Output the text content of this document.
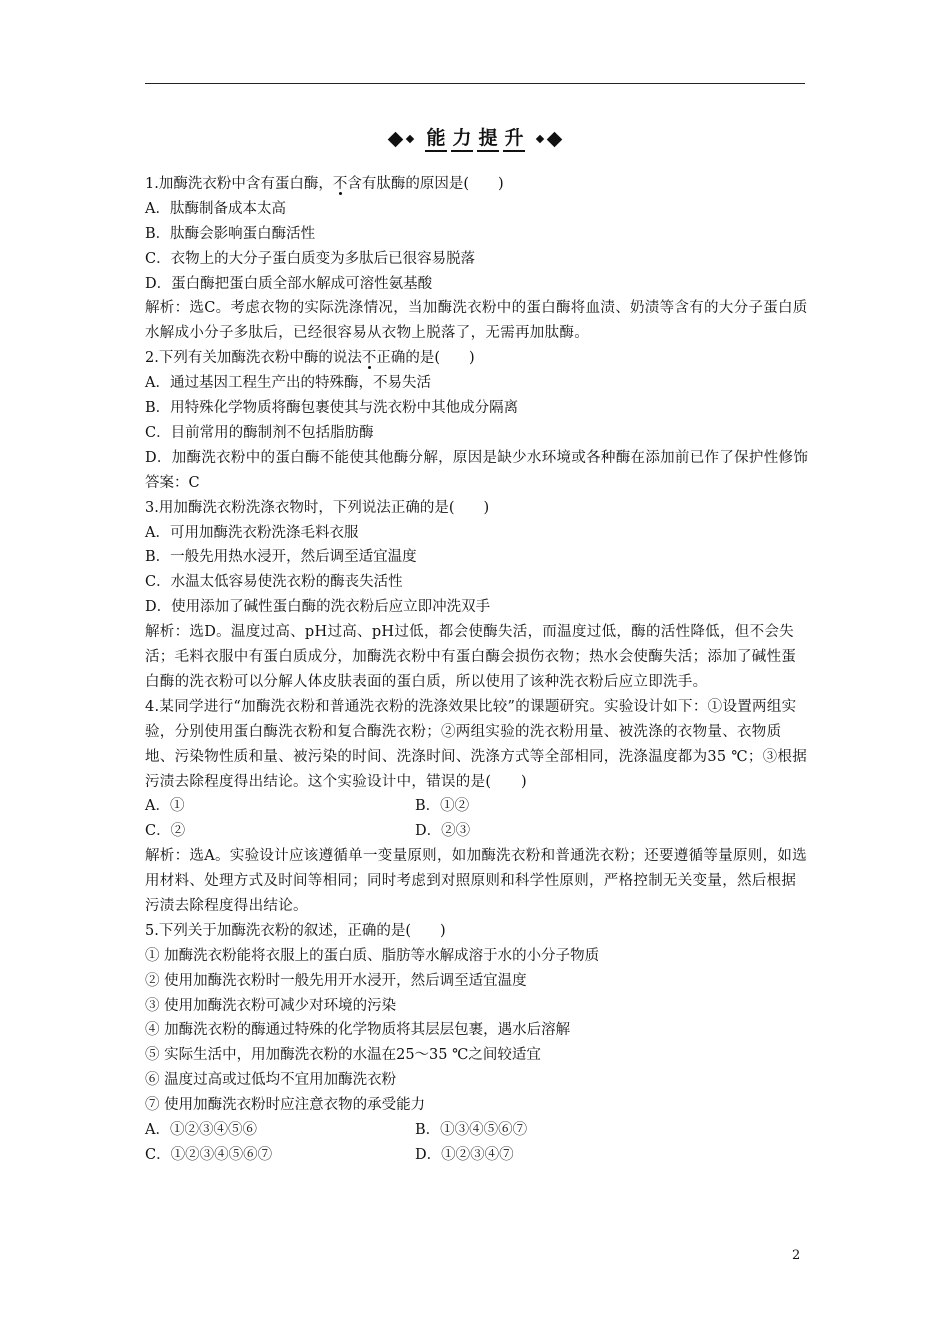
能 力 提 升
1.加酶洗衣粉中含有蛋白酶，不含有肽酶的原因是(　　)
A．肽酶制备成本太高
B．肽酶会影响蛋白酶活性
C．衣物上的大分子蛋白质变为多肽后已很容易脱落
D．蛋白酶把蛋白质全部水解成可溶性氨基酸
解析：选C。考虑衣物的实际洗涤情况，当加酶洗衣粉中的蛋白酶将血渍、奶渍等含有的大分子蛋白质水解成小分子多肽后，已经很容易从衣物上脱落了，无需再加肽酶。
2.下列有关加酶洗衣粉中酶的说法不正确的是(　　)
A．通过基因工程生产出的特殊酶，不易失活
B．用特殊化学物质将酶包裹使其与洗衣粉中其他成分隔离
C．目前常用的酶制剂不包括脂肪酶
D．加酶洗衣粉中的蛋白酶不能使其他酶分解，原因是缺少水环境或各种酶在添加前已作了保护性修饰
答案：C
3.用加酶洗衣粉洗涤衣物时，下列说法正确的是(　　)
A．可用加酶洗衣粉洗涤毛料衣服
B．一般先用热水浸开，然后调至适宜温度
C．水温太低容易使洗衣粉的酶丧失活性
D．使用添加了碱性蛋白酶的洗衣粉后应立即冲洗双手
解析：选D。温度过高、pH过高、pH过低，都会使酶失活，而温度过低，酶的活性降低，但不会失活；毛料衣服中有蛋白质成分，加酶洗衣粉中有蛋白酶会损伤衣物；热水会使酶失活；添加了碱性蛋白酶的洗衣粉可以分解人体皮肤表面的蛋白质，所以使用了该种洗衣粉后应立即洗手。
4.某同学进行“加酶洗衣粉和普通洗衣粉的洗涤效果比较”的课题研究。实验设计如下：①设置两组实验，分别使用蛋白酶洗衣粉和复合酶洗衣粉；②两组实验的洗衣粉用量、被洗涤的衣物量、衣物质地、污染物性质和量、被污染的时间、洗涤时间、洗涤方式等全部相同，洗涤温度都为35 ℃；③根据污渍去除程度得出结论。这个实验设计中，错误的是(　　)
A．①	B．①②
C．②	D．②③
解析：选A。实验设计应该遵循单一变量原则，如加酶洗衣粉和普通洗衣粉；还要遵循等量原则，如选用材料、处理方式及时间等相同；同时考虑到对照原则和科学性原则，严格控制无关变量，然后根据污渍去除程度得出结论。
5.下列关于加酶洗衣粉的叙述，正确的是(　　)
① 加酶洗衣粉能将衣服上的蛋白质、脂肪等水解成溶于水的小分子物质
② 使用加酶洗衣粉时一般先用开水浸开，然后调至适宜温度
③ 使用加酶洗衣粉可减少对环境的污染
④ 加酶洗衣粉的酶通过特殊的化学物质将其层层包裹，遇水后溶解
⑤ 实际生活中，用加酶洗衣粉的水温在25～35 ℃之间较适宜
⑥ 温度过高或过低均不宜用加酶洗衣粉
⑦ 使用加酶洗衣粉时应注意衣物的承受能力
A．①②③④⑤⑥	B．①③④⑤⑥⑦
C．①②③④⑤⑥⑦	D．①②③④⑦
2
